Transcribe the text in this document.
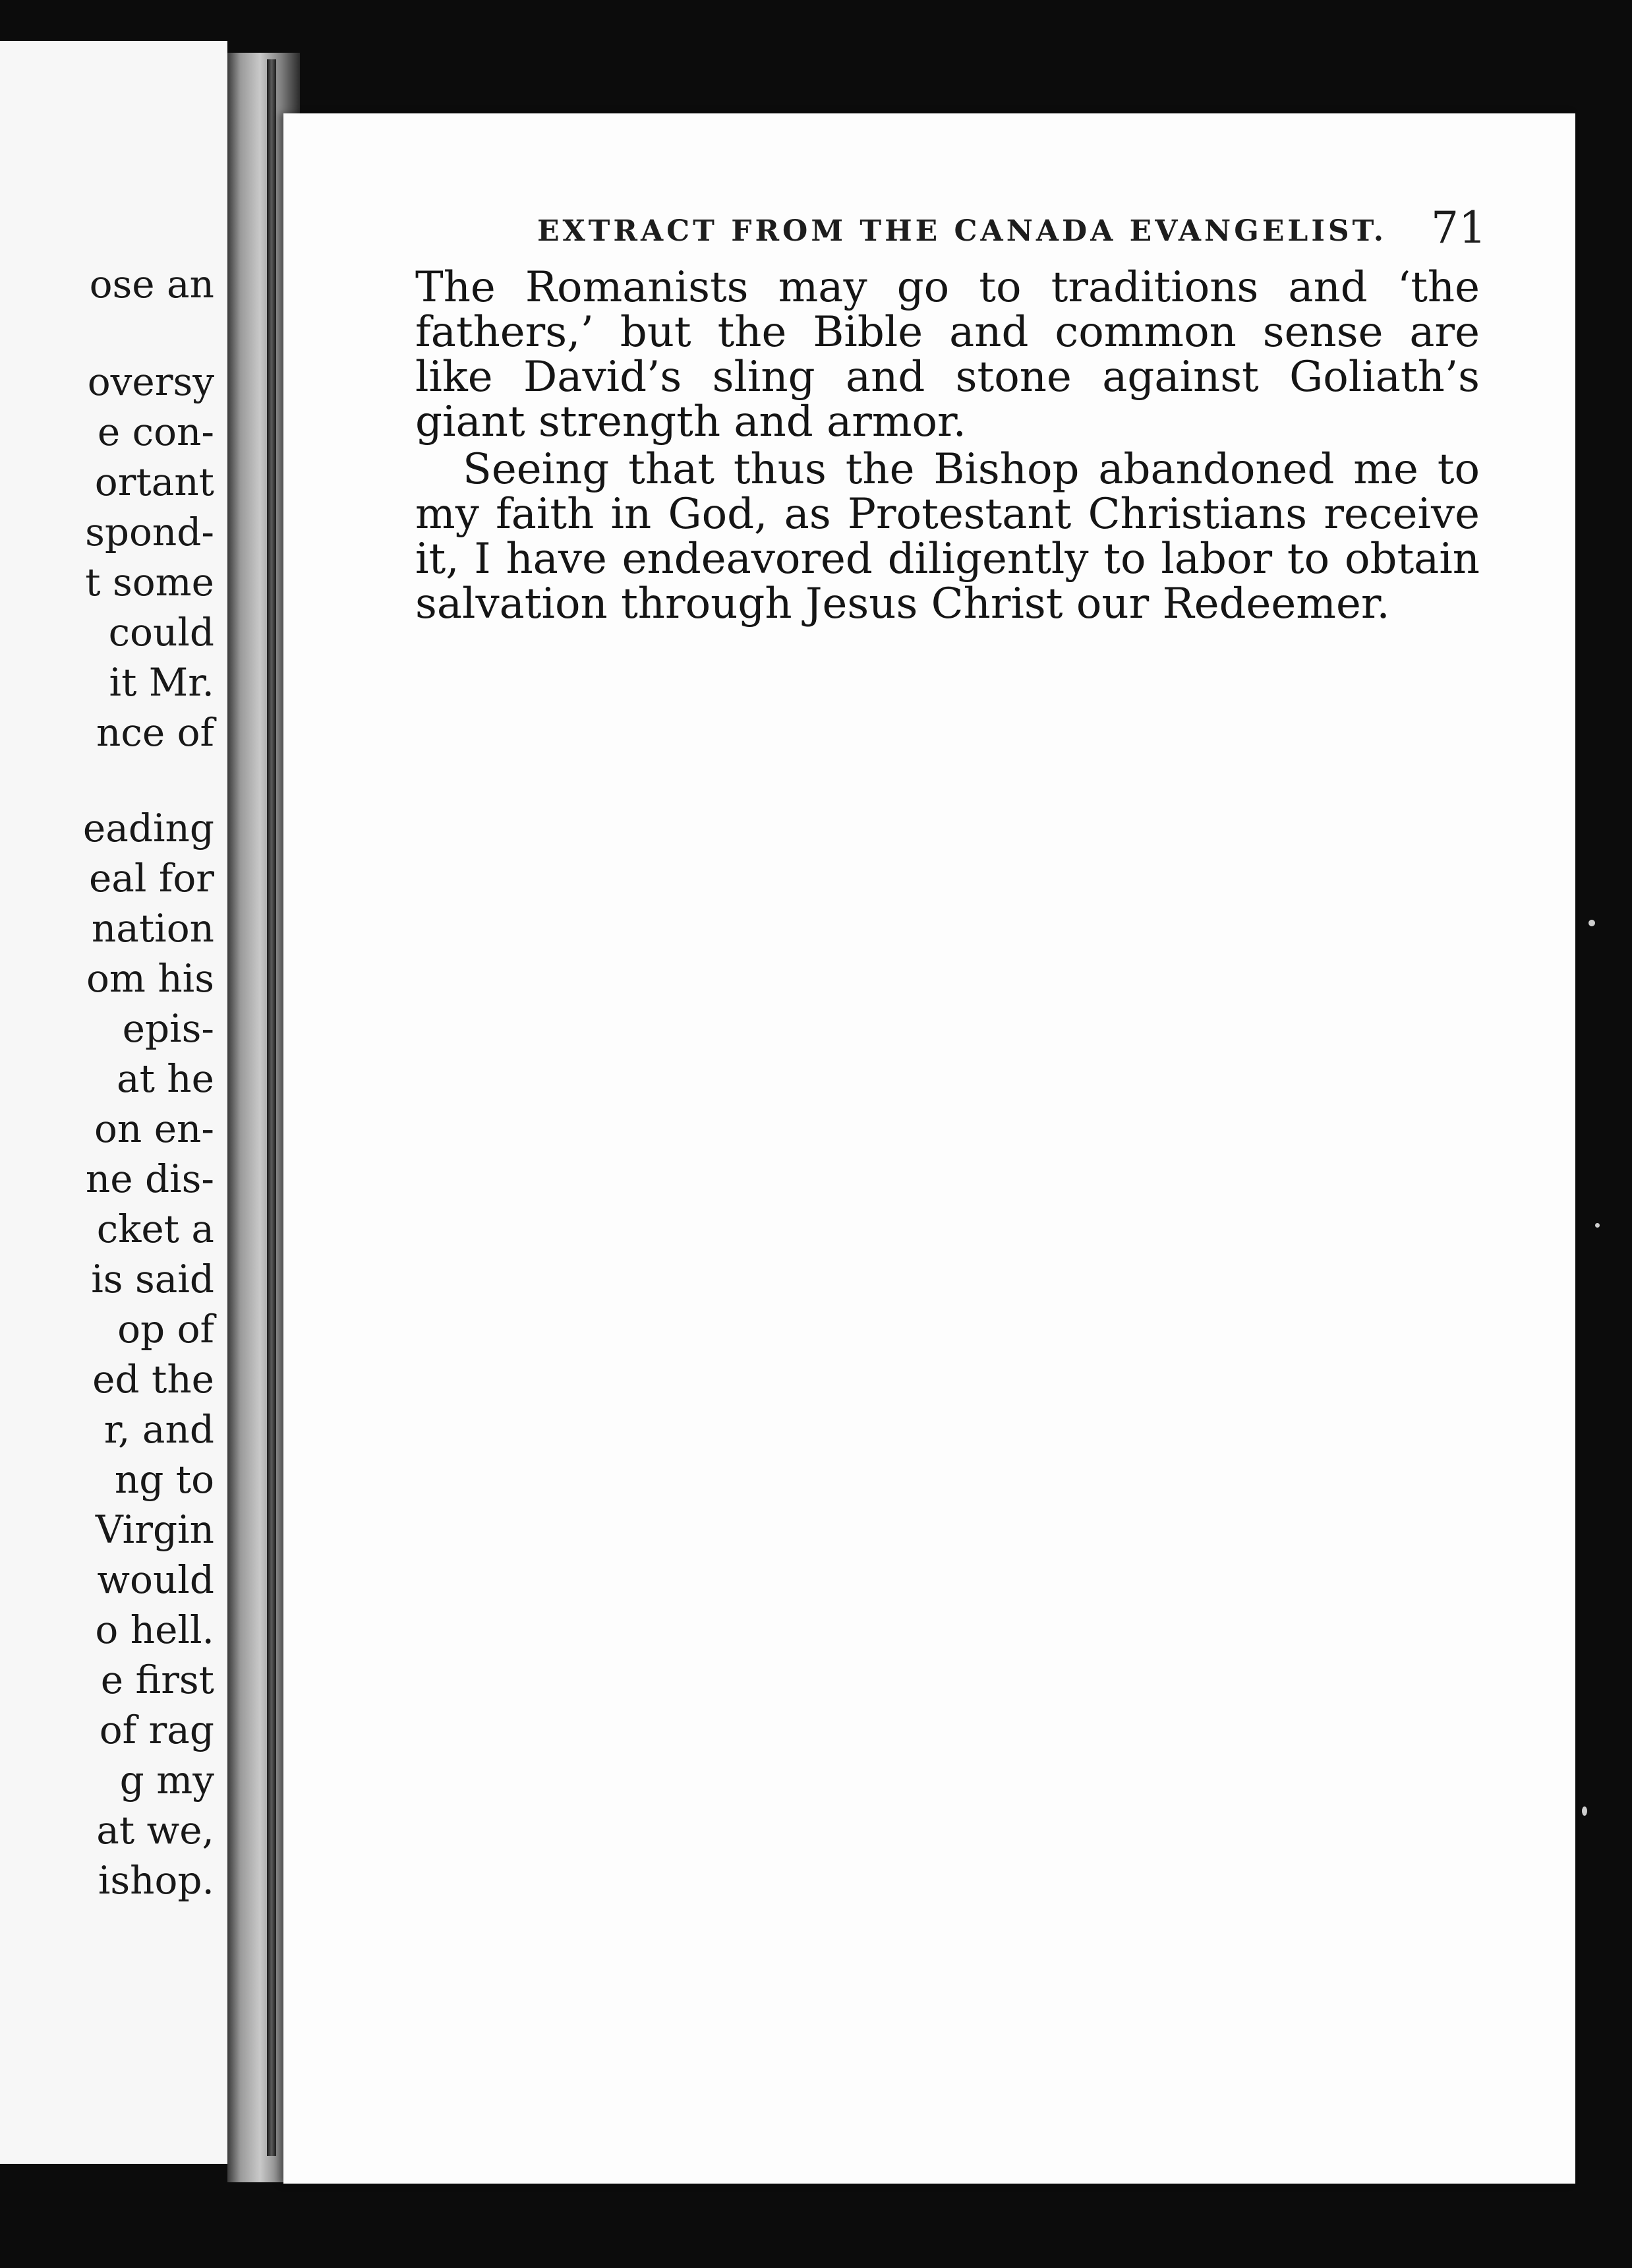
ose an
oversy
e con-
ortant
spond-
t some
could
it Mr.
nce of
eading
eal for
nation
om his
epis-
at he
on en-
ne dis-
cket a
is said
op of
ed the
r, and
ng to
Virgin
would
o hell.
e first
of rag
g my
at we,
ishop.
EXTRACT FROM THE CANADA EVANGELIST. 71

The Romanists may go to traditions and ‘the fathers,’ but the Bible and common sense are like David’s sling and stone against Goliath’s giant strength and armor.

Seeing that thus the Bishop abandoned me to my faith in God, as Protestant Christians receive it, I have endeavored diligently to labor to obtain salvation through Jesus Christ our Redeemer.
